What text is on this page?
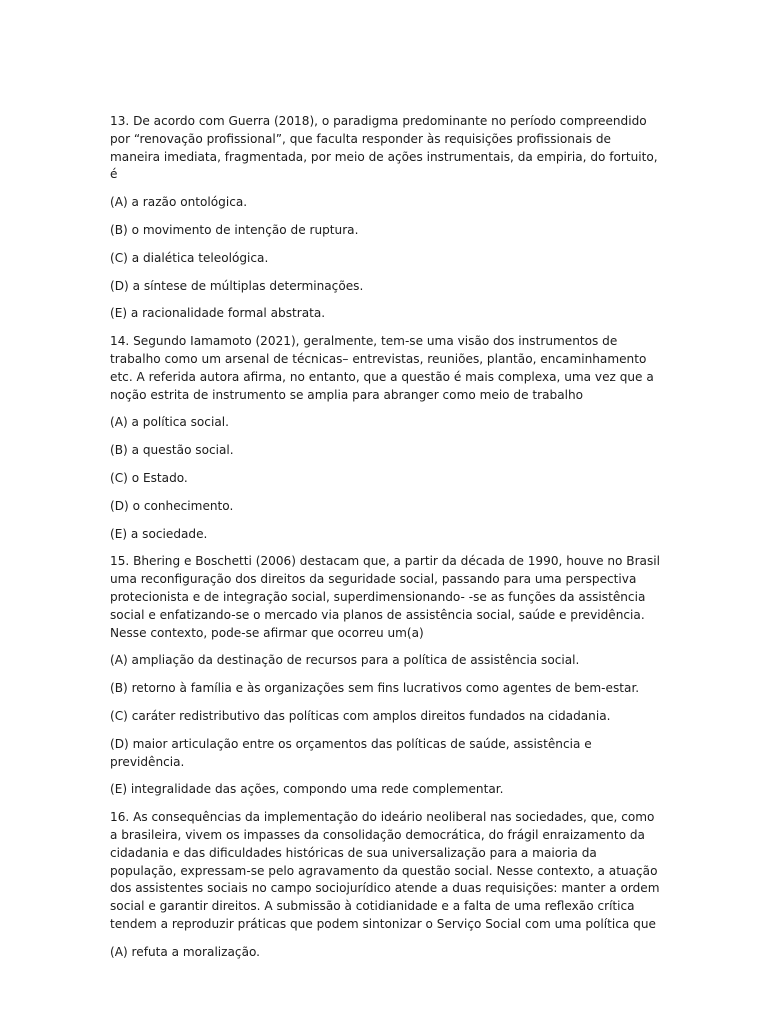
13. De acordo com Guerra (2018), o paradigma predominante no período compreendido por “renovação profissional”, que faculta responder às requisições profissionais de maneira imediata, fragmentada, por meio de ações instrumentais, da empiria, do fortuito, é

(A) a razão ontológica.

(B) o movimento de intenção de ruptura.

(C) a dialética teleológica.

(D) a síntese de múltiplas determinações.

(E) a racionalidade formal abstrata.

14. Segundo Iamamoto (2021), geralmente, tem-se uma visão dos instrumentos de trabalho como um arsenal de técnicas– entrevistas, reuniões, plantão, encaminhamento etc. A referida autora afirma, no entanto, que a questão é mais complexa, uma vez que a noção estrita de instrumento se amplia para abranger como meio de trabalho

(A) a política social.

(B) a questão social.

(C) o Estado.

(D) o conhecimento.

(E) a sociedade.

15. Bhering e Boschetti (2006) destacam que, a partir da década de 1990, houve no Brasil uma reconfiguração dos direitos da seguridade social, passando para uma perspectiva protecionista e de integração social, superdimensionando- -se as funções da assistência social e enfatizando-se o mercado via planos de assistência social, saúde e previdência. Nesse contexto, pode-se afirmar que ocorreu um(a)

(A) ampliação da destinação de recursos para a política de assistência social.

(B) retorno à família e às organizações sem fins lucrativos como agentes de bem-estar.

(C) caráter redistributivo das políticas com amplos direitos fundados na cidadania.

(D) maior articulação entre os orçamentos das políticas de saúde, assistência e previdência.

(E) integralidade das ações, compondo uma rede complementar.

16. As consequências da implementação do ideário neoliberal nas sociedades, que, como a brasileira, vivem os impasses da consolidação democrática, do frágil enraizamento da cidadania e das dificuldades históricas de sua universalização para a maioria da população, expressam-se pelo agravamento da questão social. Nesse contexto, a atuação dos assistentes sociais no campo sociojurídico atende a duas requisições: manter a ordem social e garantir direitos. A submissão à cotidianidade e a falta de uma reflexão crítica tendem a reproduzir práticas que podem sintonizar o Serviço Social com uma política que

(A) refuta a moralização.
